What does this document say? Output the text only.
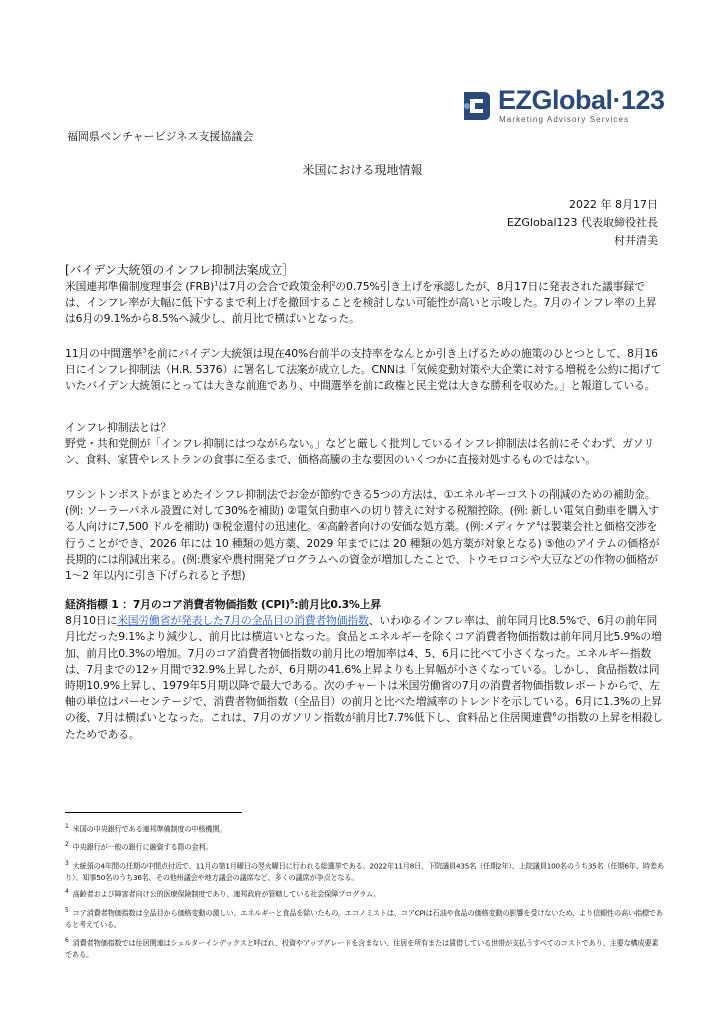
EZGlobal·123
Marketing Advisory Services
福岡県ベンチャービジネス支援協議会
米国における現地情報
2022 年 8月17日
EZGlobal123 代表取締役社長
村井清美
[バイデン大統領のインフレ抑制法案成立］

米国連邦準備制度理事会 (FRB)$^1$は7月の会合で政策金利$^2$の0.75%引き上げを承認したが、8月17日に発表された議事録では、インフレ率が大幅に低下するまで利上げを撤回することを検討しない可能性が高いと示唆した。7月のインフレ率の上昇は6月の9.1%から8.5%へ減少し、前月比で横ばいとなった。

11月の中間選挙$^3$を前にバイデン大統領は現在40%台前半の支持率をなんとか引き上げるための施策のひとつとして、8月16日にインフレ抑制法（H.R. 5376）に署名して法案が成立した。CNNは「気候変動対策や大企業に対する増税を公約に掲げていたバイデン大統領にとっては大きな前進であり、中間選挙を前に政権と民主党は大きな勝利を収めた。」と報道している。

インフレ抑制法とは？

野党・共和党側が「インフレ抑制にはつながらない。」などと厳しく批判しているインフレ抑制法は名前にそぐわず、ガソリン、食料、家賃やレストランの食事に至るまで、価格高騰の主な要因のいくつかに直接対処するものではない。

ワシントンポストがまとめたインフレ抑制法でお金が節約できる5つの方法は、①エネルギーコストの削減のための補助金。(例: ソーラーパネル設置に対して30%を補助) ②電気自動車への切り替えに対する税額控除。(例: 新しい電気自動車を購入する人向けに7,500 ドルを補助) ③税金還付の迅速化。④高齢者向けの安価な処方薬。(例:メディケア$^4$は製薬会社と価格交渉を行うことができ、2026 年には 10 種類の処方薬、2029 年までには 20 種類の処方薬が対象となる) ⑤他のアイテムの価格が長期的には削減出来る。(例:農家や農村開発プログラムへの資金が増加したことで、トウモロコシや大豆などの作物の価格が 1～2 年以内に引き下げられると予想)

経済指標 1 ：7月のコア消費者物価指数 (CPI)$^5$:前月比0.3%上昇

8月10日に米国労働省が発表した7月の全品目の消費者物価指数、いわゆるインフレ率は、前年同月比8.5%で、6月の前年同月比だった9.1%より減少し、前月比は横這いとなった。食品とエネルギーを除くコア消費者物価指数は前年同月比5.9%の増加、前月比0.3%の増加。7月のコア消費者物価指数の前月比の増加率は4、5、6月に比べて小さくなった。エネルギー指数は、7月までの12ヶ月間で32.9%上昇したが、6月期の41.6%上昇よりも上昇幅が小さくなっている。しかし、食品指数は同時期10.9%上昇し、1979年5月期以降で最大である。次のチャートは米国労働省の7月の消費者物価指数レポートからで、左軸の単位はパーセンテージで、消費者物価指数（全品目）の前月と比べた増減率のトレンドを示している。6月に1.3%の上昇の後、7月は横ばいとなった。これは、7月のガソリン指数が前月比7.7%低下し、食料品と住居関連費$^6$の指数の上昇を相殺したためである。

$^1$ 米国の中央銀行である連邦準備制度の中核機関。
$^2$ 中央銀行が一般の銀行に融資する際の金利。
$^3$ 大統領の4年間の任期の中間点付近で、11月の第1月曜日の翌火曜日に行われる総選挙である。2022年11月8日、下院議員435名（任期2年）、上院議員100名のうち35名（任期6年、時差あり）、知事50名のうち36名、その他州議会や地方議会の議席など、多くの議席が争点となる。
$^4$ 高齢者および障害者向け公的医療保険制度であり、連邦政府が管轄している社会保障プログラム。
$^5$ コア消費者物価指数は全品目から価格変動の激しい、エネルギーと食品を除いたもの。エコノミストは、コアCPIは石油や食品の価格変動の影響を受けないため、より信頼性の高い指標であると考えている。
$^6$ 消費者物価指数では住居関連はシェルターインデックスと呼ばれ、投資やアップグレードを含まない、住居を所有または賃借している世帯が支払うすべてのコストであり、主要な構成要素である。
